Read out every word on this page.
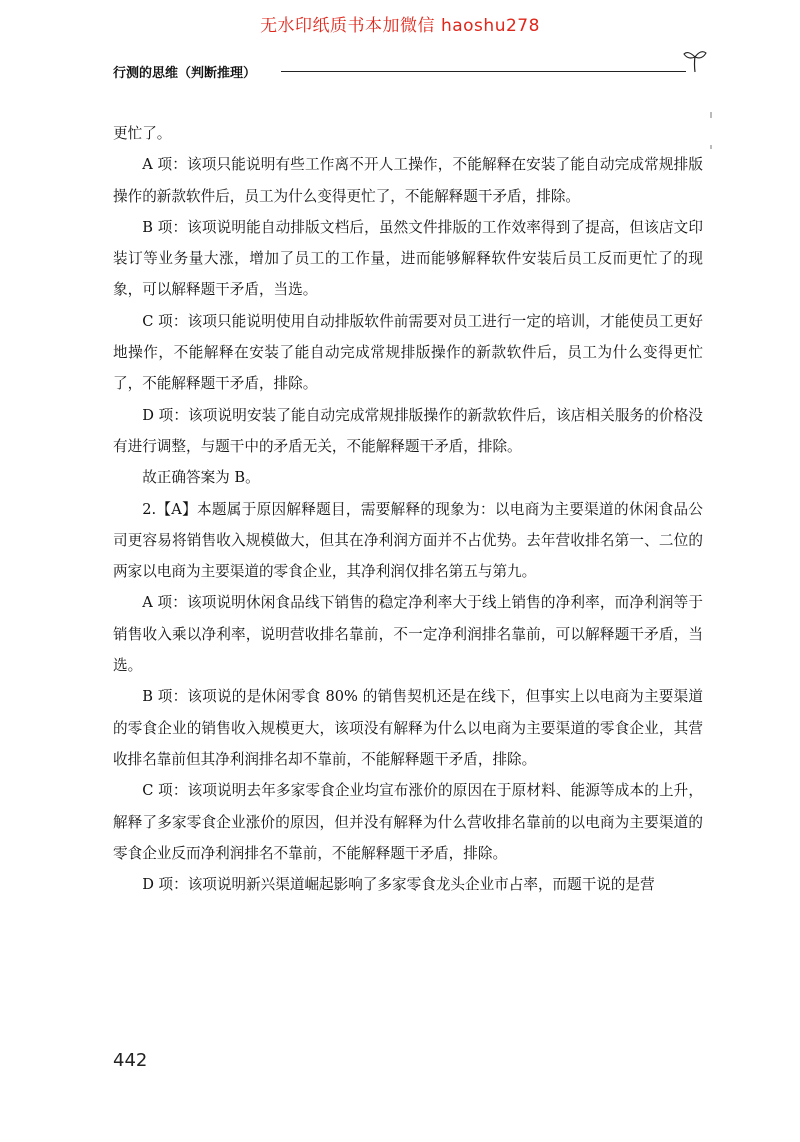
无水印纸质书本加微信 haoshu278
行测的思维（判断推理）

更忙了。

A 项：该项只能说明有些工作离不开人工操作，不能解释在安装了能自动完成常规排版操作的新款软件后，员工为什么变得更忙了，不能解释题干矛盾，排除。

B 项：该项说明能自动排版文档后，虽然文件排版的工作效率得到了提高，但该店文印装订等业务量大涨，增加了员工的工作量，进而能够解释软件安装后员工反而更忙了的现象，可以解释题干矛盾，当选。

C 项：该项只能说明使用自动排版软件前需要对员工进行一定的培训，才能使员工更好地操作，不能解释在安装了能自动完成常规排版操作的新款软件后，员工为什么变得更忙了，不能解释题干矛盾，排除。

D 项：该项说明安装了能自动完成常规排版操作的新款软件后，该店相关服务的价格没有进行调整，与题干中的矛盾无关，不能解释题干矛盾，排除。

故正确答案为 B。

2.【A】本题属于原因解释题目，需要解释的现象为：以电商为主要渠道的休闲食品公司更容易将销售收入规模做大，但其在净利润方面并不占优势。去年营收排名第一、二位的两家以电商为主要渠道的零食企业，其净利润仅排名第五与第九。

A 项：该项说明休闲食品线下销售的稳定净利率大于线上销售的净利率，而净利润等于销售收入乘以净利率，说明营收排名靠前，不一定净利润排名靠前，可以解释题干矛盾，当选。

B 项：该项说的是休闲零食 80% 的销售契机还是在线下，但事实上以电商为主要渠道的零食企业的销售收入规模更大，该项没有解释为什么以电商为主要渠道的零食企业，其营收排名靠前但其净利润排名却不靠前，不能解释题干矛盾，排除。

C 项：该项说明去年多家零食企业均宣布涨价的原因在于原材料、能源等成本的上升，解释了多家零食企业涨价的原因，但并没有解释为什么营收排名靠前的以电商为主要渠道的零食企业反而净利润排名不靠前，不能解释题干矛盾，排除。

D 项：该项说明新兴渠道崛起影响了多家零食龙头企业市占率，而题干说的是营

442
